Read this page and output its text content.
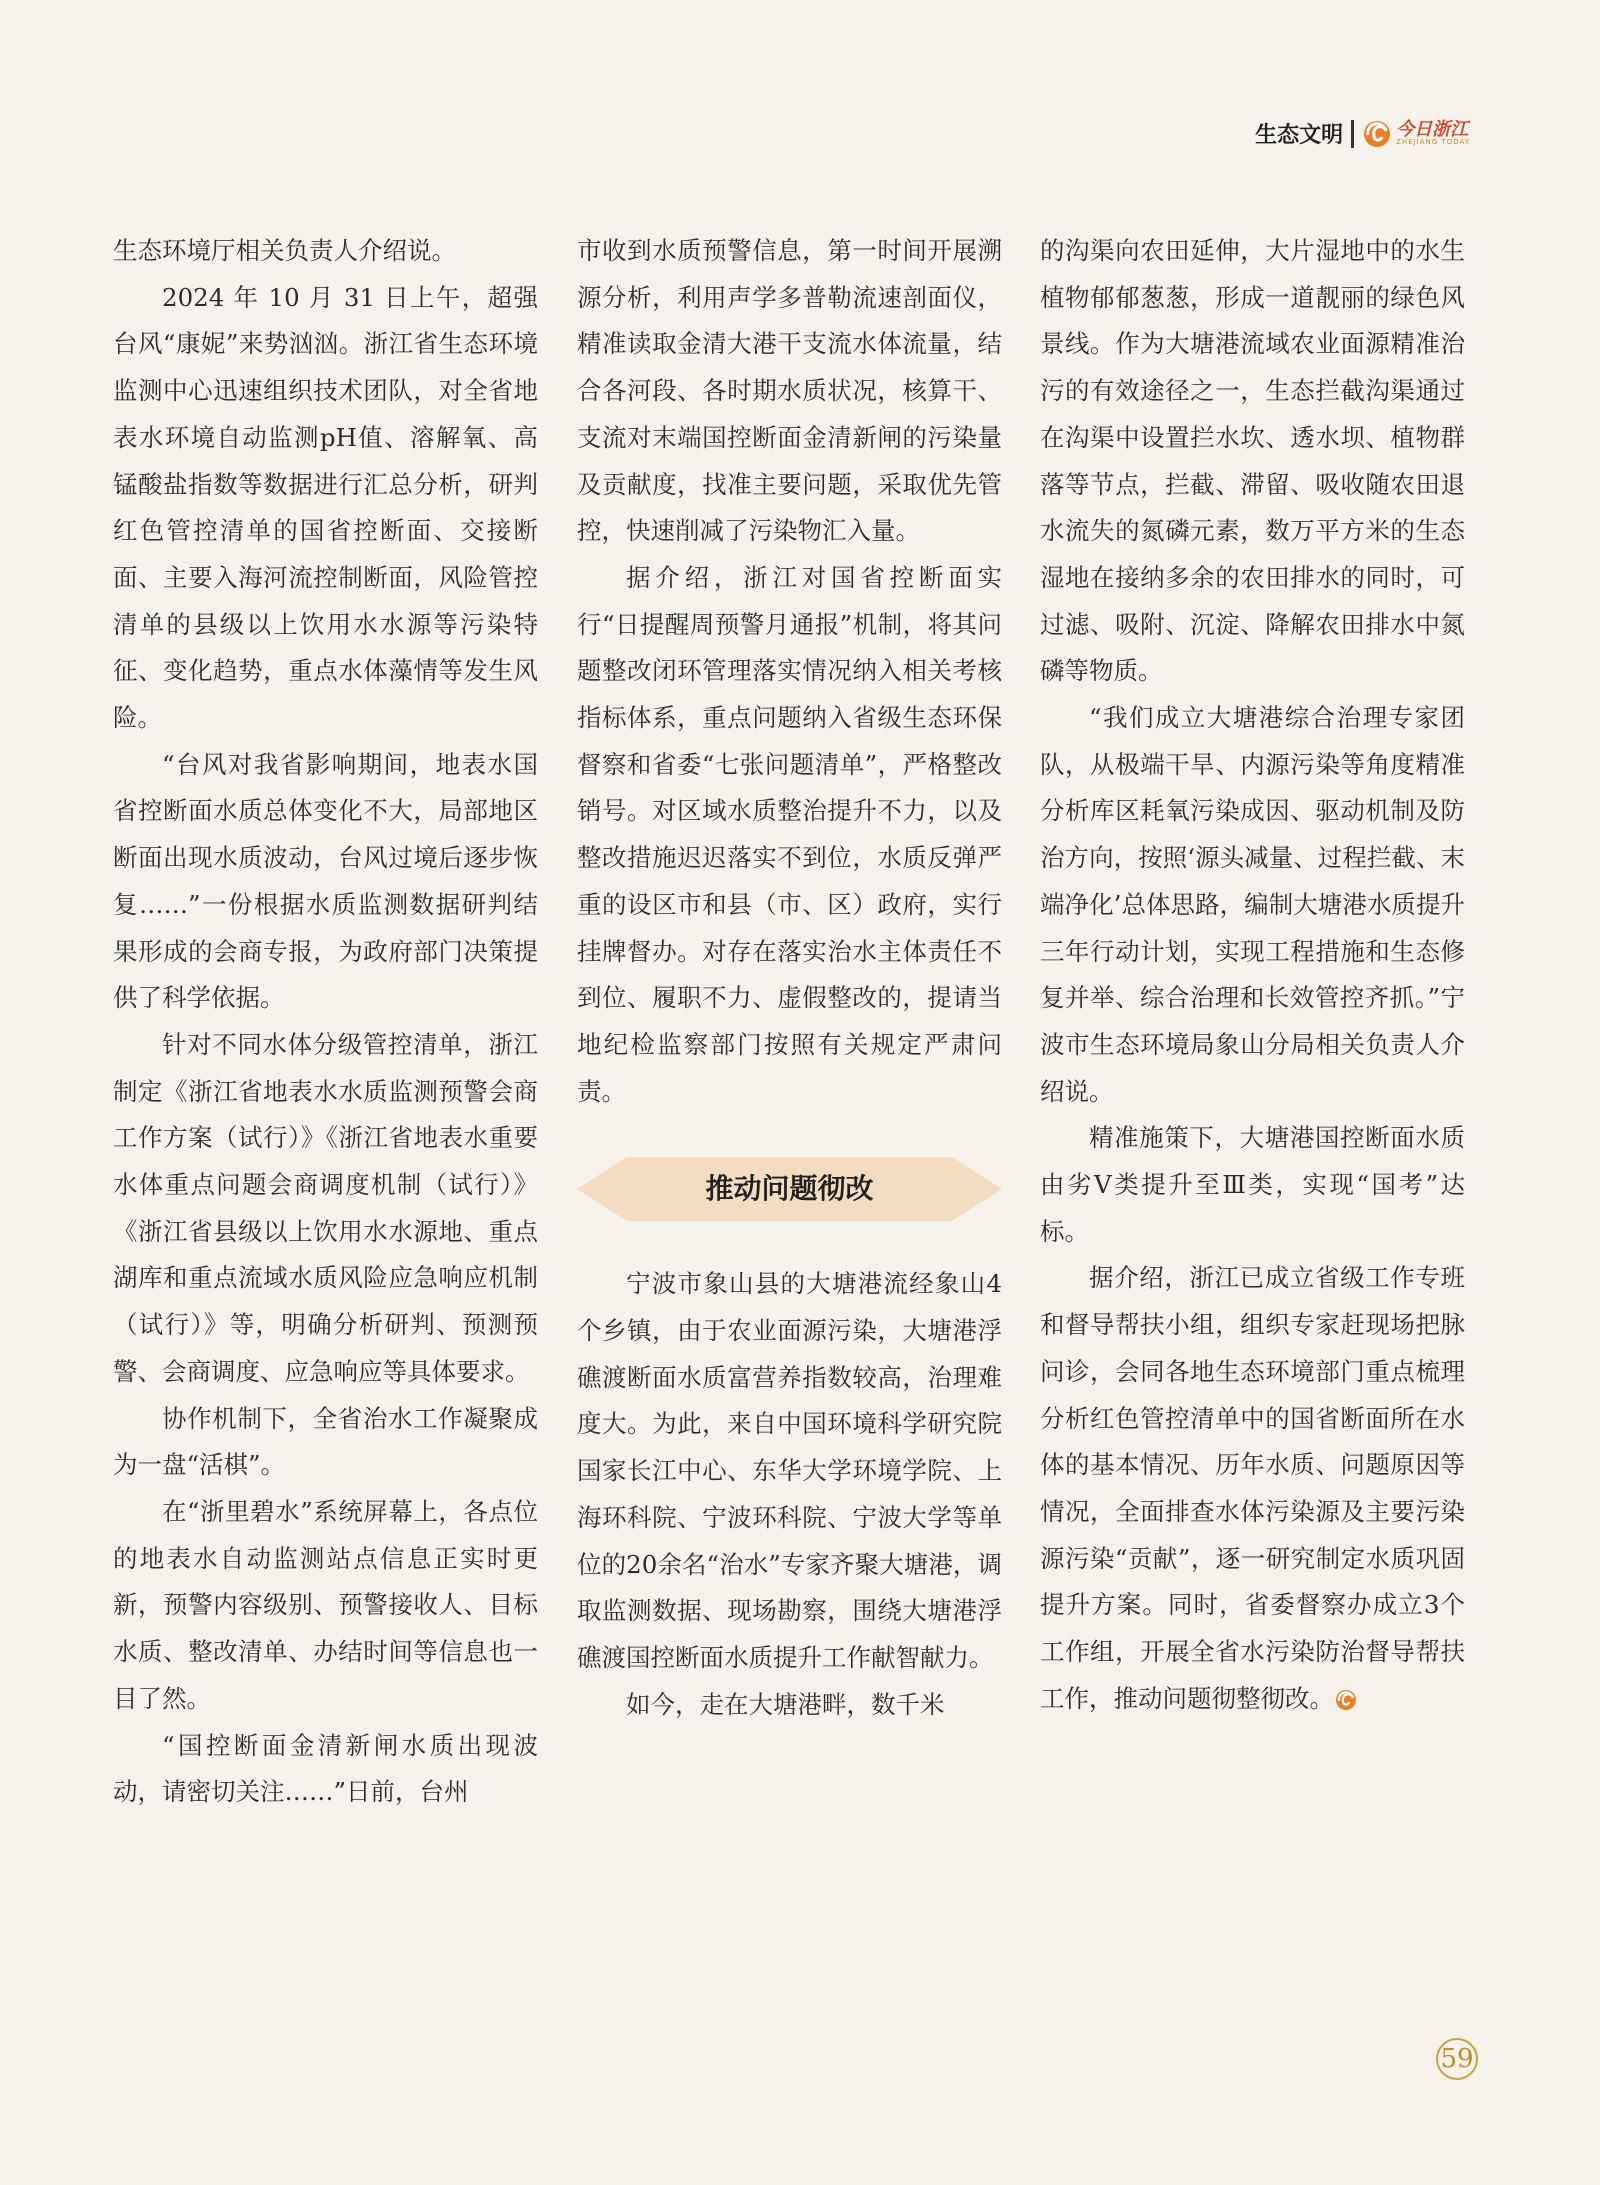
生态文明	今日浙江
ZHEJIANG TODAY

生态环境厅相关负责人介绍说。

2024 年 10 月 31 日上午，超强台风“康妮”来势汹汹。浙江省生态环境监测中心迅速组织技术团队，对全省地表水环境自动监测pH值、溶解氧、高锰酸盐指数等数据进行汇总分析，研判红色管控清单的国省控断面、交接断面、主要入海河流控制断面，风险管控清单的县级以上饮用水水源等污染特征、变化趋势，重点水体藻情等发生风险。

“台风对我省影响期间，地表水国省控断面水质总体变化不大，局部地区断面出现水质波动，台风过境后逐步恢复……”一份根据水质监测数据研判结果形成的会商专报，为政府部门决策提供了科学依据。

针对不同水体分级管控清单，浙江制定《浙江省地表水水质监测预警会商工作方案（试行）》《浙江省地表水重要水体重点问题会商调度机制（试行）》《浙江省县级以上饮用水水源地、重点湖库和重点流域水质风险应急响应机制（试行）》等，明确分析研判、预测预警、会商调度、应急响应等具体要求。

协作机制下，全省治水工作凝聚成为一盘“活棋”。

在“浙里碧水”系统屏幕上，各点位的地表水自动监测站点信息正实时更新，预警内容级别、预警接收人、目标水质、整改清单、办结时间等信息也一目了然。

“国控断面金清新闸水质出现波动，请密切关注……”日前，台州

市收到水质预警信息，第一时间开展溯源分析，利用声学多普勒流速剖面仪，精准读取金清大港干支流水体流量，结合各河段、各时期水质状况，核算干、支流对末端国控断面金清新闸的污染量及贡献度，找准主要问题，采取优先管控，快速削减了污染物汇入量。

据介绍，浙江对国省控断面实行“日提醒周预警月通报”机制，将其问题整改闭环管理落实情况纳入相关考核指标体系，重点问题纳入省级生态环保督察和省委“七张问题清单”，严格整改销号。对区域水质整治提升不力，以及整改措施迟迟落实不到位，水质反弹严重的设区市和县（市、区）政府，实行挂牌督办。对存在落实治水主体责任不到位、履职不力、虚假整改的，提请当地纪检监察部门按照有关规定严肃问责。

推动问题彻改

宁波市象山县的大塘港流经象山4个乡镇，由于农业面源污染，大塘港浮礁渡断面水质富营养指数较高，治理难度大。为此，来自中国环境科学研究院国家长江中心、东华大学环境学院、上海环科院、宁波环科院、宁波大学等单位的20余名“治水”专家齐聚大塘港，调取监测数据、现场勘察，围绕大塘港浮礁渡国控断面水质提升工作献智献力。

如今，走在大塘港畔，数千米

的沟渠向农田延伸，大片湿地中的水生植物郁郁葱葱，形成一道靓丽的绿色风景线。作为大塘港流域农业面源精准治污的有效途径之一，生态拦截沟渠通过在沟渠中设置拦水坎、透水坝、植物群落等节点，拦截、滞留、吸收随农田退水流失的氮磷元素，数万平方米的生态湿地在接纳多余的农田排水的同时，可过滤、吸附、沉淀、降解农田排水中氮磷等物质。

“我们成立大塘港综合治理专家团队，从极端干旱、内源污染等角度精准分析库区耗氧污染成因、驱动机制及防治方向，按照‘源头减量、过程拦截、末端净化’总体思路，编制大塘港水质提升三年行动计划，实现工程措施和生态修复并举、综合治理和长效管控齐抓。”宁波市生态环境局象山分局相关负责人介绍说。

精准施策下，大塘港国控断面水质由劣Ⅴ类提升至Ⅲ类，实现“国考”达标。

据介绍，浙江已成立省级工作专班和督导帮扶小组，组织专家赶现场把脉问诊，会同各地生态环境部门重点梳理分析红色管控清单中的国省断面所在水体的基本情况、历年水质、问题原因等情况，全面排查水体污染源及主要污染源污染“贡献”，逐一研究制定水质巩固提升方案。同时，省委督察办成立3个工作组，开展全省水污染防治督导帮扶工作，推动问题彻整彻改。

59
